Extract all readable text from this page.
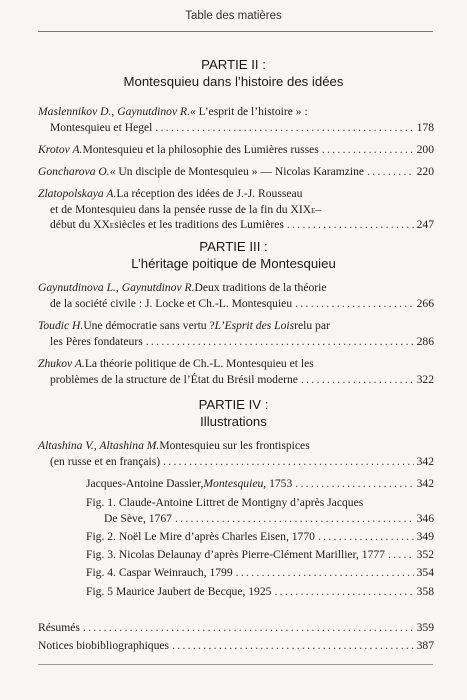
Table des matières
PARTIE II :
Montesquieu dans l’histoire des idées
Maslennikov D., Gaynutdinov R. « L’esprit de l’histoire » :
Montesquieu et Hegel . . .	178
Krotov A. Montesquieu et la philosophie des Lumières russes . . .	200
Goncharova O. « Un disciple de Montesquieu » — Nicolas Karamzine . . .	220
Zlatopolskaya A. La réception des idées de J.-J. Rousseau
et de Montesquieu dans la pensée russe de la fin du XIX E –
début du XX E siècles et les traditions des Lumières . . .	247
PARTIE III :
L’héritage poitique de Montesquieu
Gaynutdinova L., Gaynutdinov R. Deux traditions de la théorie
de la société civile : J. Locke et Ch.-L. Montesquieu . . .	266
Toudic H. Une démocratie sans vertu ? L’Esprit des Lois relu par
les Pères fondateurs . . .	286
Zhukov A. La théorie politique de Ch.-L. Montesquieu et les
problèmes de la structure de l’État du Brésil moderne . . .	322
PARTIE IV :
Illustrations
Altashina V., Altashina M. Montesquieu sur les frontispices
(en russe et en français) . . .	342
Jacques-Antoine Dassier, Montesquieu , 1753 . . .	342
Fig. 1. Claude-Antoine Littret de Montigny d’après Jacques
De Sève, 1767 . . .	346
Fig. 2. Noël Le Mire d’après Charles Eisen, 1770 . . .	349
Fig. 3. Nicolas Delaunay d’après Pierre-Clément Marillier, 1777 . . .	352
Fig. 4. Caspar Weinrauch, 1799 . . .	354
Fig. 5 Maurice Jaubert de Becque, 1925 . . .	358
Résumés . . .	359
Notices biobibliographiques . . .	387
